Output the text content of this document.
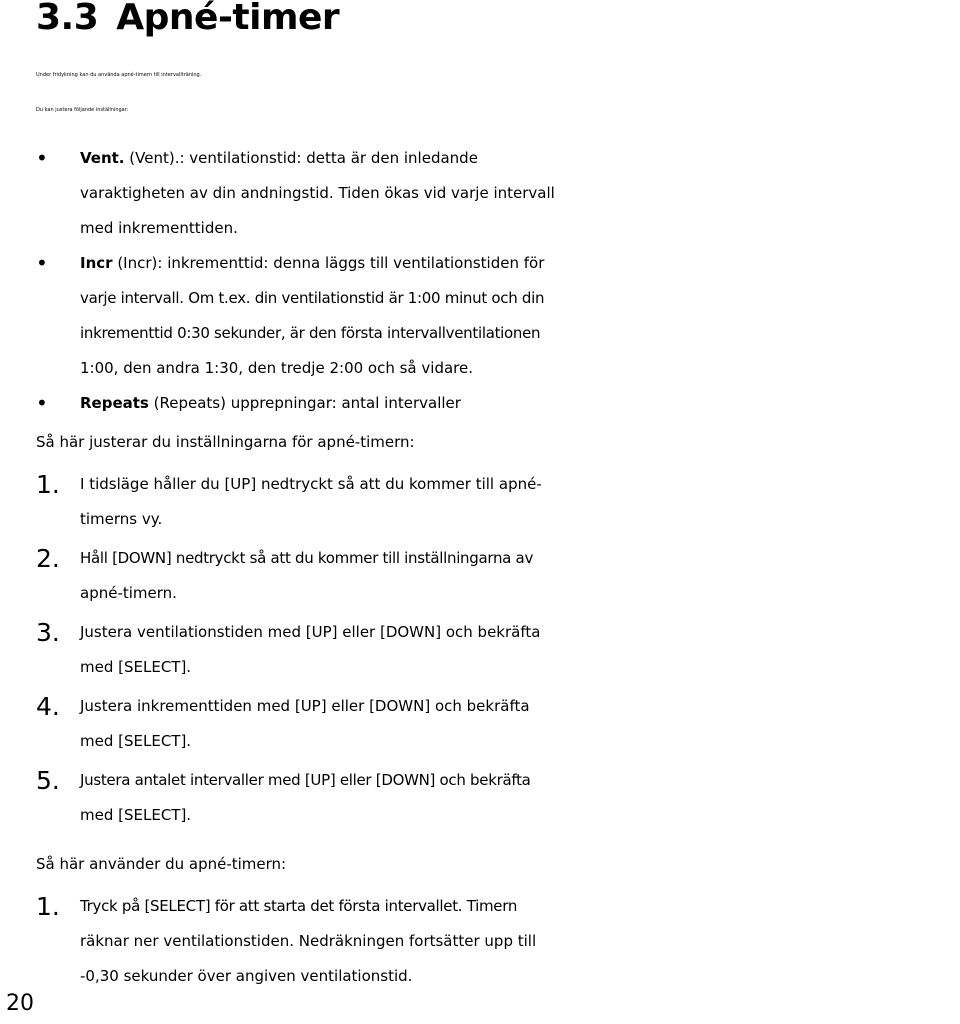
3.3 Apné-timer

Under fridykning kan du använda apné-timern till intervallträning.
Du kan justera följande inställningar:

• Vent. (Vent).: ventilationstid: detta är den inledande
varaktigheten av din andningstid. Tiden ökas vid varje intervall
med inkrementtiden.
• Incr (Incr): inkrementtid: denna läggs till ventilationstiden för
varje intervall. Om t.ex. din ventilationstid är 1:00 minut och din
inkrementtid 0:30 sekunder, är den första intervallventilationen
1:00, den andra 1:30, den tredje 2:00 och så vidare.
• Repeats (Repeats) upprepningar: antal intervaller

Så här justerar du inställningarna för apné-timern:

1. I tidsläge håller du [UP] nedtryckt så att du kommer till apné-
timerns vy.
2. Håll [DOWN] nedtryckt så att du kommer till inställningarna av
apné-timern.
3. Justera ventilationstiden med [UP] eller [DOWN] och bekräfta
med [SELECT].
4. Justera inkrementtiden med [UP] eller [DOWN] och bekräfta
med [SELECT].
5. Justera antalet intervaller med [UP] eller [DOWN] och bekräfta
med [SELECT].

Så här använder du apné-timern:

1. Tryck på [SELECT] för att starta det första intervallet. Timern
räknar ner ventilationstiden. Nedräkningen fortsätter upp till
-0,30 sekunder över angiven ventilationstid.
20
